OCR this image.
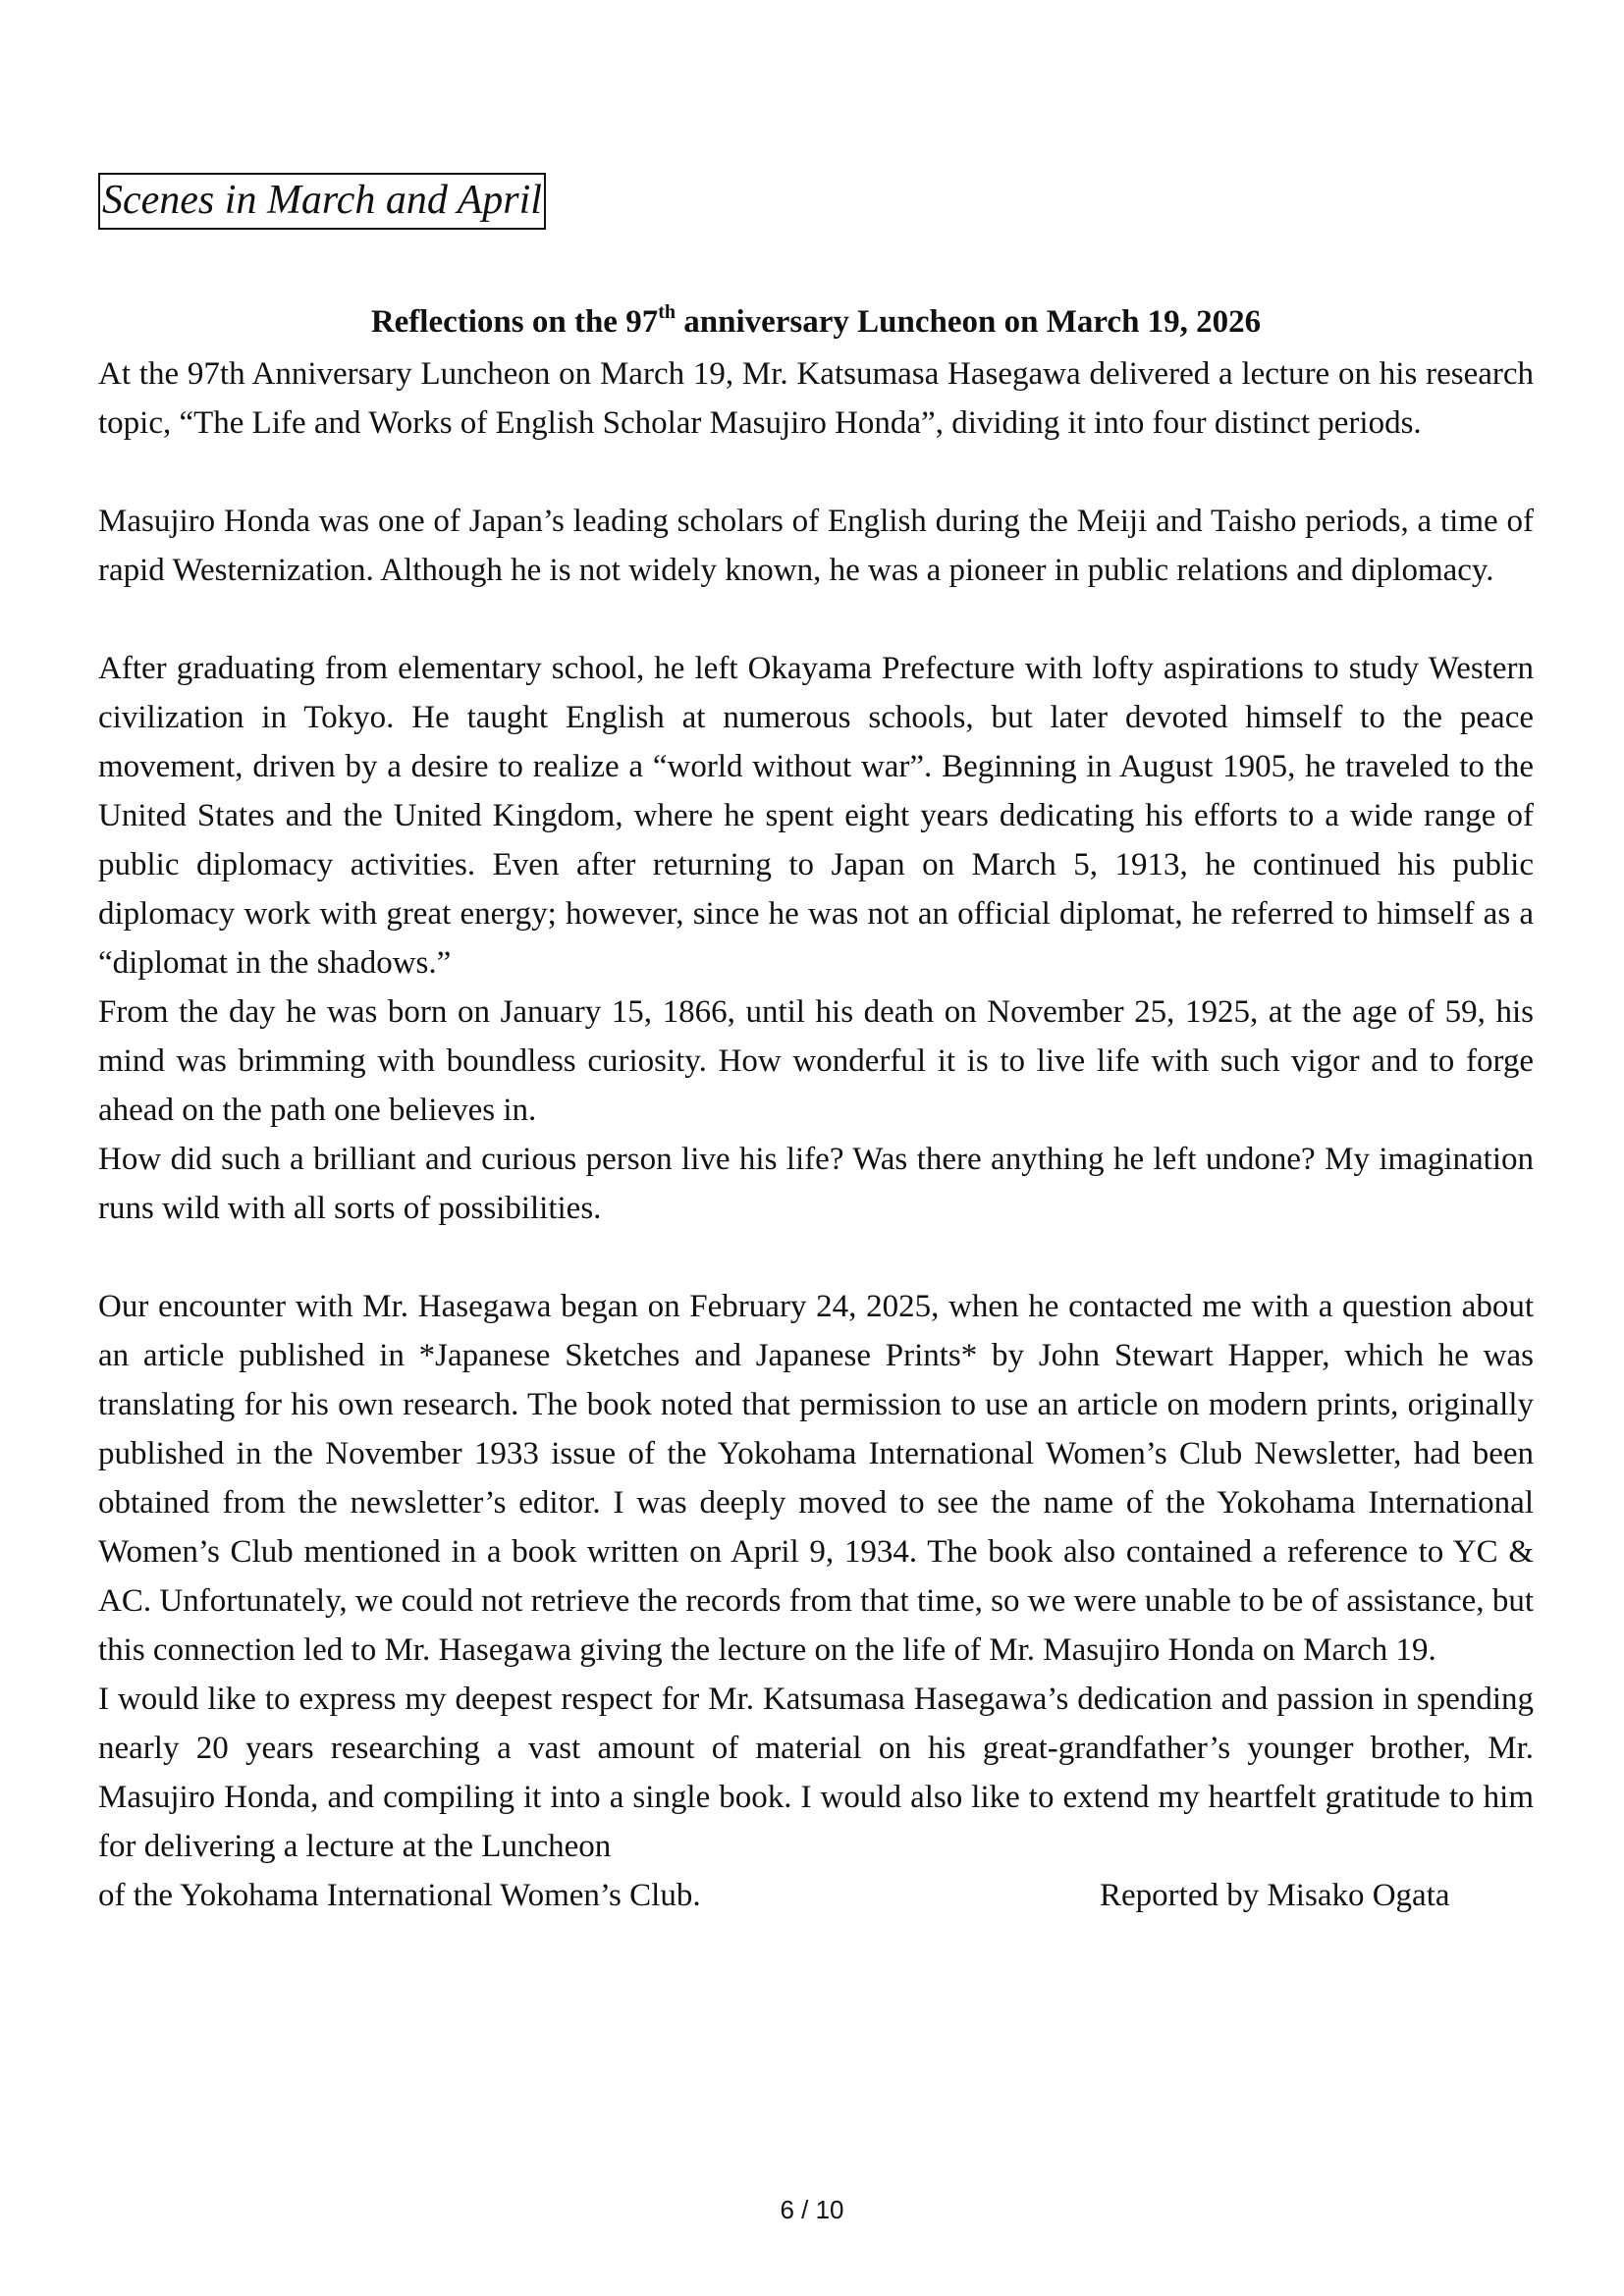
Scenes in March and April
Reflections on the 97th anniversary Luncheon on March 19, 2026

At the 97th Anniversary Luncheon on March 19, Mr. Katsumasa Hasegawa delivered a lecture on his research topic, “The Life and Works of English Scholar Masujiro Honda”, dividing it into four distinct periods.

Masujiro Honda was one of Japan’s leading scholars of English during the Meiji and Taisho periods, a time of rapid Westernization. Although he is not widely known, he was a pioneer in public relations and diplomacy.

After graduating from elementary school, he left Okayama Prefecture with lofty aspirations to study Western civilization in Tokyo. He taught English at numerous schools, but later devoted himself to the peace movement, driven by a desire to realize a “world without war”. Beginning in August 1905, he traveled to the United States and the United Kingdom, where he spent eight years dedicating his efforts to a wide range of public diplomacy activities. Even after returning to Japan on March 5, 1913, he continued his public diplomacy work with great energy; however, since he was not an official diplomat, he referred to himself as a “diplomat in the shadows.”

From the day he was born on January 15, 1866, until his death on November 25, 1925, at the age of 59, his mind was brimming with boundless curiosity. How wonderful it is to live life with such vigor and to forge ahead on the path one believes in.

How did such a brilliant and curious person live his life? Was there anything he left undone? My imagination runs wild with all sorts of possibilities.

Our encounter with Mr. Hasegawa began on February 24, 2025, when he contacted me with a question about an article published in *Japanese Sketches and Japanese Prints* by John Stewart Happer, which he was translating for his own research. The book noted that permission to use an article on modern prints, originally published in the November 1933 issue of the Yokohama International Women’s Club Newsletter, had been obtained from the newsletter’s editor. I was deeply moved to see the name of the Yokohama International Women’s Club mentioned in a book written on April 9, 1934. The book also contained a reference to YC & AC. Unfortunately, we could not retrieve the records from that time, so we were unable to be of assistance, but this connection led to Mr. Hasegawa giving the lecture on the life of Mr. Masujiro Honda on March 19.

I would like to express my deepest respect for Mr. Katsumasa Hasegawa’s dedication and passion in spending nearly 20 years researching a vast amount of material on his great-grandfather’s younger brother, Mr. Masujiro Honda, and compiling it into a single book. I would also like to extend my heartfelt gratitude to him for delivering a lecture at the Luncheon

of the Yokohama International Women’s Club.	Reported by Misako Ogata
6 / 10
